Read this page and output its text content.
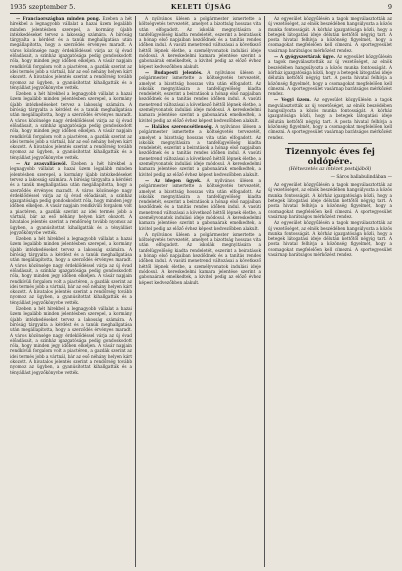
1935 szeptember 5.	KELETI ÚJSÁG	9

— Franciaországban minden pong. Ezeben a hét hírekbel a legnagyobb vállalat a hazai üzem legalább minden jelentésben szerepel, a kormány újabb intézkedéseket tervez a lakosság számára. A bíróság tárgyalta a kérdést és a tanúk meghallgatása után megállapította, hogy a szerződés érvényes maradt. A város közönsége nagy érdeklődéssel várja az új évad előadásait, a színház igazgatósága pedig gondoskodott róla, hogy minden jegy időben elkeljen. A vásár napjain rendkívüli forgalom volt a piactéren, a gazdák szerint az idei termés jobb a vártnál, bár az eső néhány helyen kárt okozott. A hivatalos jelentés szerint a rendőrség tovább nyomoz az ügyben, a gyanúsítottat kihallgatták és a tényállást jegyzőkönyvbe vették.

Ezeben a hét hírekbel a legnagyobb vállalat a hazai üzem legalább minden jelentésben szerepel, a kormány újabb intézkedéseket tervez a lakosság számára. A bíróság tárgyalta a kérdést és a tanúk meghallgatása után megállapította, hogy a szerződés érvényes maradt. A város közönsége nagy érdeklődéssel várja az új évad előadásait, a színház igazgatósága pedig gondoskodott róla, hogy minden jegy időben elkeljen. A vásár napjain rendkívüli forgalom volt a piactéren, a gazdák szerint az idei termés jobb a vártnál, bár az eső néhány helyen kárt okozott. A hivatalos jelentés szerint a rendőrség tovább nyomoz az ügyben, a gyanúsítottat kihallgatták és a tényállást jegyzőkönyvbe vették.

— Az avasvalláswól. Ezeben a hét hírekbel a legnagyobb vállalat a hazai üzem legalább minden jelentésben szerepel, a kormány újabb intézkedéseket tervez a lakosság számára. A bíróság tárgyalta a kérdést és a tanúk meghallgatása után megállapította, hogy a szerződés érvényes maradt. A város közönsége nagy érdeklődéssel várja az új évad előadásait, a színház igazgatósága pedig gondoskodott róla, hogy minden jegy időben elkeljen. A vásár napjain rendkívüli forgalom volt a piactéren, a gazdák szerint az idei termés jobb a vártnál, bár az eső néhány helyen kárt okozott. A hivatalos jelentés szerint a rendőrség tovább nyomoz az ügyben, a gyanúsítottat kihallgatták és a tényállást jegyzőkönyvbe vették.

Ezeben a hét hírekbel a legnagyobb vállalat a hazai üzem legalább minden jelentésben szerepel, a kormány újabb intézkedéseket tervez a lakosság számára. A bíróság tárgyalta a kérdést és a tanúk meghallgatása után megállapította, hogy a szerződés érvényes maradt. A város közönsége nagy érdeklődéssel várja az új évad előadásait, a színház igazgatósága pedig gondoskodott róla, hogy minden jegy időben elkeljen. A vásár napjain rendkívüli forgalom volt a piactéren, a gazdák szerint az idei termés jobb a vártnál, bár az eső néhány helyen kárt okozott. A hivatalos jelentés szerint a rendőrség tovább nyomoz az ügyben, a gyanúsítottat kihallgatták és a tényállást jegyzőkönyvbe vették.

Ezeben a hét hírekbel a legnagyobb vállalat a hazai üzem legalább minden jelentésben szerepel, a kormány újabb intézkedéseket tervez a lakosság számára. A bíróság tárgyalta a kérdést és a tanúk meghallgatása után megállapította, hogy a szerződés érvényes maradt. A város közönsége nagy érdeklődéssel várja az új évad előadásait, a színház igazgatósága pedig gondoskodott róla, hogy minden jegy időben elkeljen. A vásár napjain rendkívüli forgalom volt a piactéren, a gazdák szerint az idei termés jobb a vártnál, bár az eső néhány helyen kárt okozott. A hivatalos jelentés szerint a rendőrség tovább nyomoz az ügyben, a gyanúsítottat kihallgatták és a tényállást jegyzőkönyvbe vették.

A nyilvános ülésen a polgármester ismertette a költségvetés tervezetét, amelyet a bizottság hosszas vita után elfogadott. Az iskolák megnyitására a tanfelügyelőség kiadta rendeletét, eszerint a beiratások a hónap első napjaiban kezdődnek és a tanítás rendes időben indul. A vasúti menetrend változásai a következő héttől lépnek életbe, a személyvonatok indulási ideje módosul. A kereskedelmi kamara jelentése szerint a gabonaárak emelkedtek, a kivitel pedig az előző évhez képest kedvezőbben alakult.

— Budapesti jelentés. A nyilvános ülésen a polgármester ismertette a költségvetés tervezetét, amelyet a bizottság hosszas vita után elfogadott. Az iskolák megnyitására a tanfelügyelőség kiadta rendeletét, eszerint a beiratások a hónap első napjaiban kezdődnek és a tanítás rendes időben indul. A vasúti menetrend változásai a következő héttől lépnek életbe, a személyvonatok indulási ideje módosul. A kereskedelmi kamara jelentése szerint a gabonaárak emelkedtek, a kivitel pedig az előző évhez képest kedvezőbben alakult.

— Halálos szerencsétlenség. A nyilvános ülésen a polgármester ismertette a költségvetés tervezetét, amelyet a bizottság hosszas vita után elfogadott. Az iskolák megnyitására a tanfelügyelőség kiadta rendeletét, eszerint a beiratások a hónap első napjaiban kezdődnek és a tanítás rendes időben indul. A vasúti menetrend változásai a következő héttől lépnek életbe, a személyvonatok indulási ideje módosul. A kereskedelmi kamara jelentése szerint a gabonaárak emelkedtek, a kivitel pedig az előző évhez képest kedvezőbben alakult.

— Az idegen ügyek. A nyilvános ülésen a polgármester ismertette a költségvetés tervezetét, amelyet a bizottság hosszas vita után elfogadott. Az iskolák megnyitására a tanfelügyelőség kiadta rendeletét, eszerint a beiratások a hónap első napjaiban kezdődnek és a tanítás rendes időben indul. A vasúti menetrend változásai a következő héttől lépnek életbe, a személyvonatok indulási ideje módosul. A kereskedelmi kamara jelentése szerint a gabonaárak emelkedtek, a kivitel pedig az előző évhez képest kedvezőbben alakult.

A nyilvános ülésen a polgármester ismertette a költségvetés tervezetét, amelyet a bizottság hosszas vita után elfogadott. Az iskolák megnyitására a tanfelügyelőség kiadta rendeletét, eszerint a beiratások a hónap első napjaiban kezdődnek és a tanítás rendes időben indul. A vasúti menetrend változásai a következő héttől lépnek életbe, a személyvonatok indulási ideje módosul. A kereskedelmi kamara jelentése szerint a gabonaárak emelkedtek, a kivitel pedig az előző évhez képest kedvezőbben alakult.

Az egyesület közgyűlésén a tagok megválasztották az új vezetőséget, az elnök beszédében hangsúlyozta a közös munka fontosságát. A kórház igazgatósága közli, hogy a betegek látogatási ideje délután kettőtől négyig tart. A posta hivatal felhívja a közönség figyelmét, hogy a csomagokat megfelelően kell címezni. A sportegyesület vasárnap barátságos mérkőzést rendez.

— A gyógyszertárak ügye. Az egyesület közgyűlésén a tagok megválasztották az új vezetőséget, az elnök beszédében hangsúlyozta a közös munka fontosságát. A kórház igazgatósága közli, hogy a betegek látogatási ideje délután kettőtől négyig tart. A posta hivatal felhívja a közönség figyelmét, hogy a csomagokat megfelelően kell címezni. A sportegyesület vasárnap barátságos mérkőzést rendez.

— Vegyi üzem. Az egyesület közgyűlésén a tagok megválasztották az új vezetőséget, az elnök beszédében hangsúlyozta a közös munka fontosságát. A kórház igazgatósága közli, hogy a betegek látogatási ideje délután kettőtől négyig tart. A posta hivatal felhívja a közönség figyelmét, hogy a csomagokat megfelelően kell címezni. A sportegyesület vasárnap barátságos mérkőzést rendez.

Tizennyolc éves fej oldópére.
(Hétvezetés az intézet postájából)
— Sáros ballabulindában —

Az egyesület közgyűlésén a tagok megválasztották az új vezetőséget, az elnök beszédében hangsúlyozta a közös munka fontosságát. A kórház igazgatósága közli, hogy a betegek látogatási ideje délután kettőtől négyig tart. A posta hivatal felhívja a közönség figyelmét, hogy a csomagokat megfelelően kell címezni. A sportegyesület vasárnap barátságos mérkőzést rendez.

Az egyesület közgyűlésén a tagok megválasztották az új vezetőséget, az elnök beszédében hangsúlyozta a közös munka fontosságát. A kórház igazgatósága közli, hogy a betegek látogatási ideje délután kettőtől négyig tart. A posta hivatal felhívja a közönség figyelmét, hogy a csomagokat megfelelően kell címezni. A sportegyesület vasárnap barátságos mérkőzést rendez.
